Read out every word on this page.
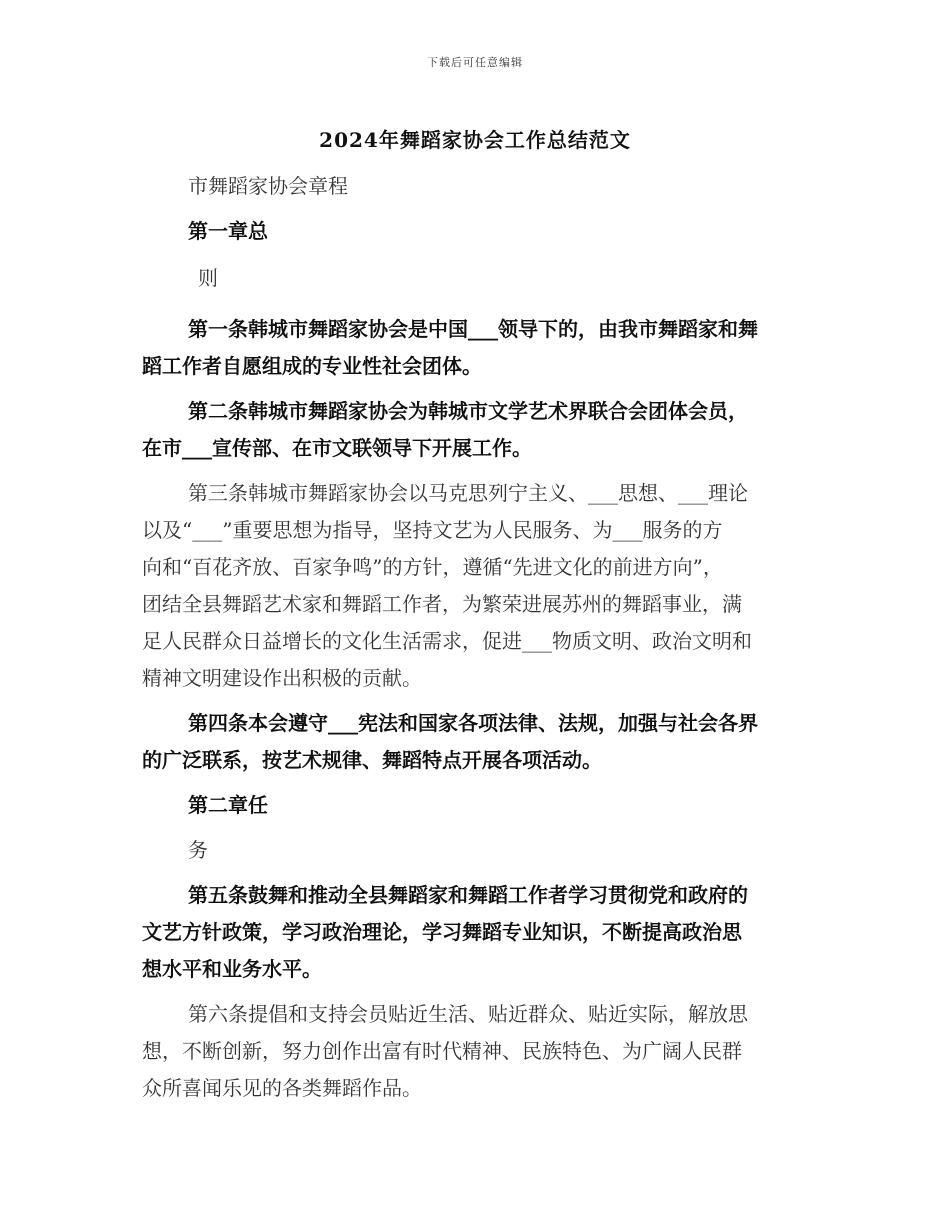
下载后可任意编辑
2024年舞蹈家协会工作总结范文

市舞蹈家协会章程

第一章总

则

第一条韩城市舞蹈家协会是中国___领导下的，由我市舞蹈家和舞

蹈工作者自愿组成的专业性社会团体。

第二条韩城市舞蹈家协会为韩城市文学艺术界联合会团体会员，

在市___宣传部、在市文联领导下开展工作。

第三条韩城市舞蹈家协会以马克思列宁主义、___思想、___理论

以及“___”重要思想为指导，坚持文艺为人民服务、为___服务的方

向和“百花齐放、百家争鸣”的方针，遵循“先进文化的前进方向”，

团结全县舞蹈艺术家和舞蹈工作者，为繁荣进展苏州的舞蹈事业，满

足人民群众日益增长的文化生活需求，促进___物质文明、政治文明和

精神文明建设作出积极的贡献。

第四条本会遵守___宪法和国家各项法律、法规，加强与社会各界

的广泛联系，按艺术规律、舞蹈特点开展各项活动。

第二章任

务

第五条鼓舞和推动全县舞蹈家和舞蹈工作者学习贯彻党和政府的

文艺方针政策，学习政治理论，学习舞蹈专业知识，不断提高政治思

想水平和业务水平。

第六条提倡和支持会员贴近生活、贴近群众、贴近实际，解放思

想，不断创新，努力创作出富有时代精神、民族特色、为广阔人民群

众所喜闻乐见的各类舞蹈作品。
